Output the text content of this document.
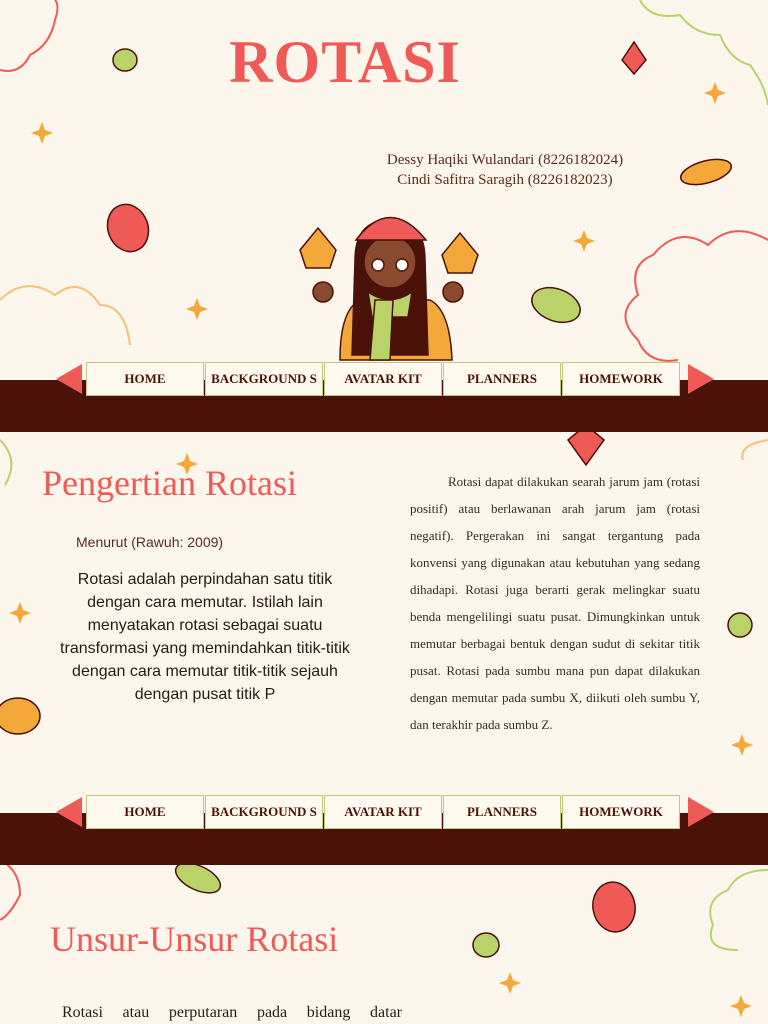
ROTASI
Dessy Haqiki Wulandari (8226182024)
Cindi Safitra Saragih (8226182023)
HOME	BACKGROUND S	AVATAR KIT	PLANNERS	HOMEWORK
Pengertian Rotasi
Menurut (Rawuh: 2009)
Rotasi adalah perpindahan satu titik dengan cara memutar. Istilah lain menyatakan rotasi sebagai suatu transformasi yang memindahkan titik-titik dengan cara memutar titik-titik sejauh dengan pusat titik P
Rotasi dapat dilakukan searah jarum jam (rotasi positif) atau berlawanan arah jarum jam (rotasi negatif). Pergerakan ini sangat tergantung pada konvensi yang digunakan atau kebutuhan yang sedang dihadapi. Rotasi juga berarti gerak melingkar suatu benda mengelilingi suatu pusat. Dimungkinkan untuk memutar berbagai bentuk dengan sudut di sekitar titik pusat. Rotasi pada sumbu mana pun dapat dilakukan dengan memutar pada sumbu X, diikuti oleh sumbu Y, dan terakhir pada sumbu Z.
HOME	BACKGROUND S	AVATAR KIT	PLANNERS	HOMEWORK
Unsur-Unsur Rotasi
Rotasi atau perputaran pada bidang datar
